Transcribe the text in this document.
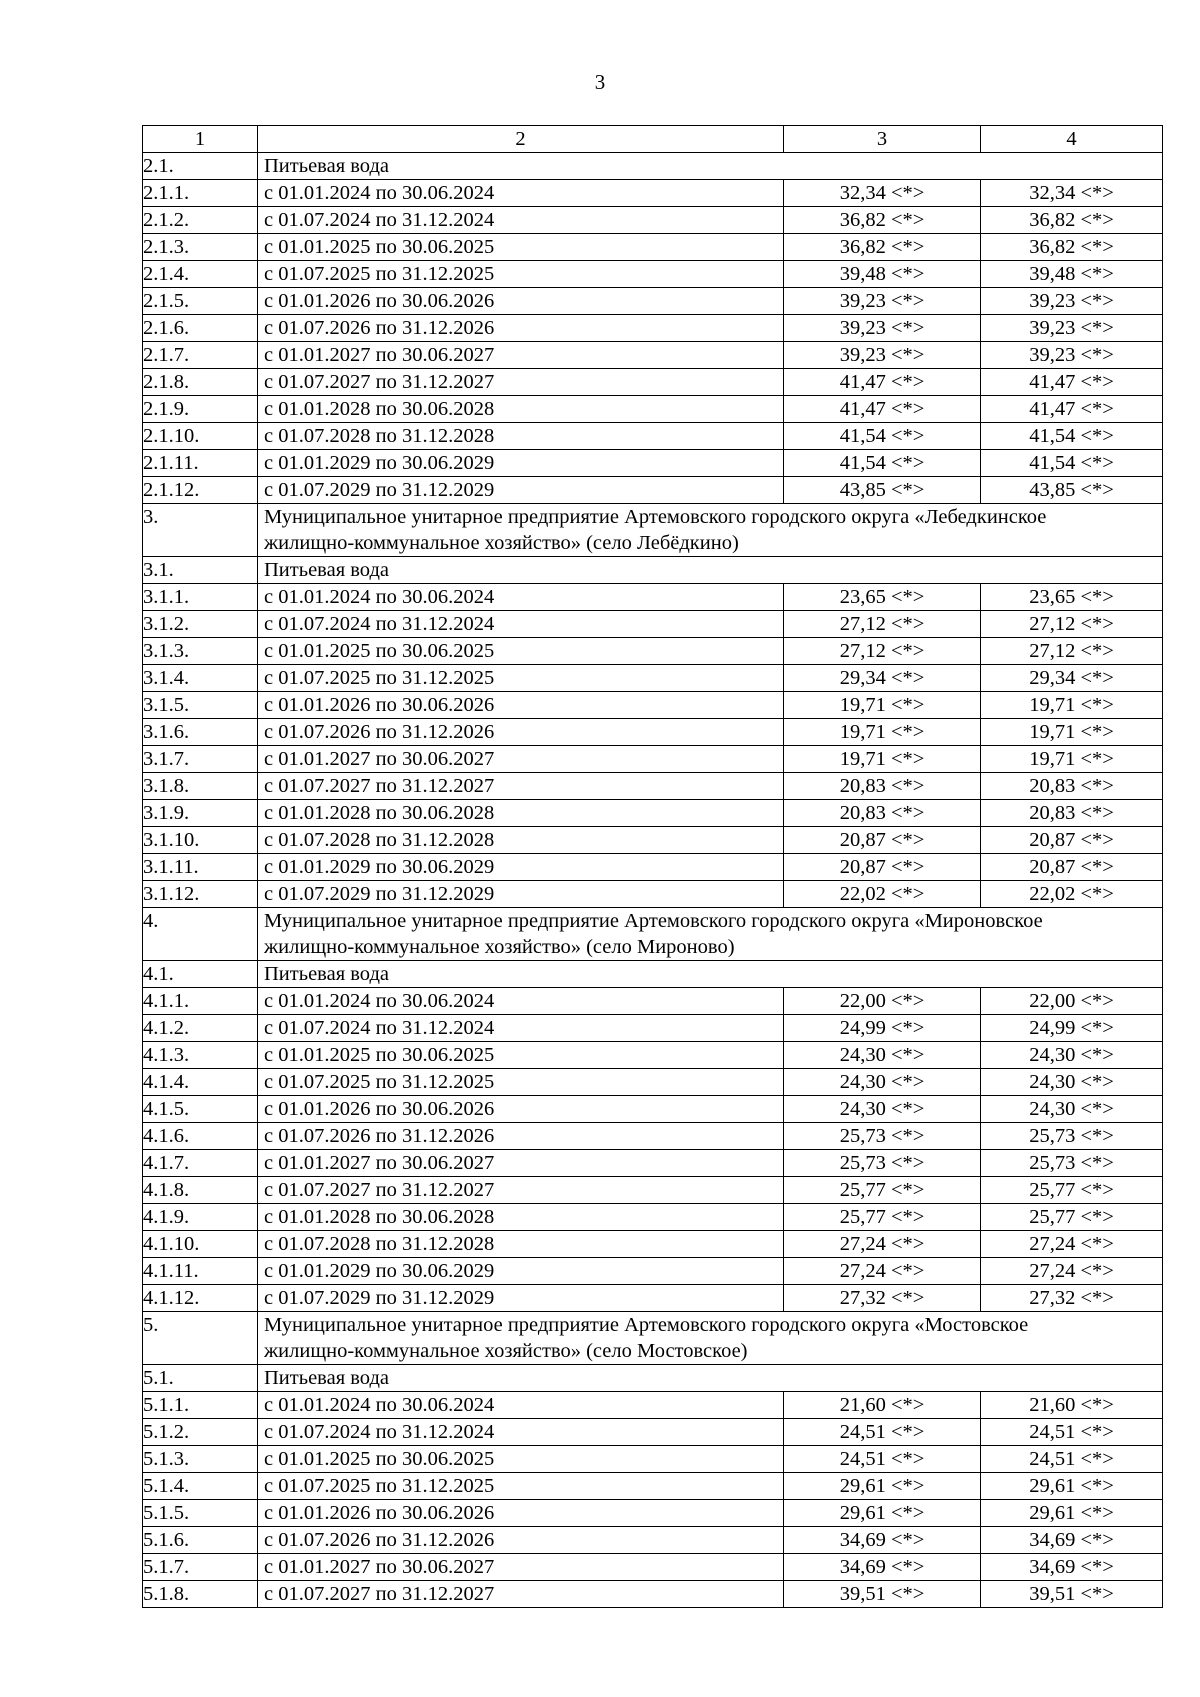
3
1	2	3	4
2.1.	Питьевая вода		
2.1.1.	с 01.01.2024 по 30.06.2024	32,34 <*>	32,34 <*>
2.1.2.	с 01.07.2024 по 31.12.2024	36,82 <*>	36,82 <*>
2.1.3.	с 01.01.2025 по 30.06.2025	36,82 <*>	36,82 <*>
2.1.4.	с 01.07.2025 по 31.12.2025	39,48 <*>	39,48 <*>
2.1.5.	с 01.01.2026 по 30.06.2026	39,23 <*>	39,23 <*>
2.1.6.	с 01.07.2026 по 31.12.2026	39,23 <*>	39,23 <*>
2.1.7.	с 01.01.2027 по 30.06.2027	39,23 <*>	39,23 <*>
2.1.8.	с 01.07.2027 по 31.12.2027	41,47 <*>	41,47 <*>
2.1.9.	с 01.01.2028 по 30.06.2028	41,47 <*>	41,47 <*>
2.1.10.	с 01.07.2028 по 31.12.2028	41,54 <*>	41,54 <*>
2.1.11.	с 01.01.2029 по 30.06.2029	41,54 <*>	41,54 <*>
2.1.12.	с 01.07.2029 по 31.12.2029	43,85 <*>	43,85 <*>
3.	Муниципальное унитарное предприятие Артемовского городского округа «Лебедкинское жилищно-коммунальное хозяйство» (село Лебёдкино)		
3.1.	Питьевая вода		
3.1.1.	с 01.01.2024 по 30.06.2024	23,65 <*>	23,65 <*>
3.1.2.	с 01.07.2024 по 31.12.2024	27,12 <*>	27,12 <*>
3.1.3.	с 01.01.2025 по 30.06.2025	27,12 <*>	27,12 <*>
3.1.4.	с 01.07.2025 по 31.12.2025	29,34 <*>	29,34 <*>
3.1.5.	с 01.01.2026 по 30.06.2026	19,71 <*>	19,71 <*>
3.1.6.	с 01.07.2026 по 31.12.2026	19,71 <*>	19,71 <*>
3.1.7.	с 01.01.2027 по 30.06.2027	19,71 <*>	19,71 <*>
3.1.8.	с 01.07.2027 по 31.12.2027	20,83 <*>	20,83 <*>
3.1.9.	с 01.01.2028 по 30.06.2028	20,83 <*>	20,83 <*>
3.1.10.	с 01.07.2028 по 31.12.2028	20,87 <*>	20,87 <*>
3.1.11.	с 01.01.2029 по 30.06.2029	20,87 <*>	20,87 <*>
3.1.12.	с 01.07.2029 по 31.12.2029	22,02 <*>	22,02 <*>
4.	Муниципальное унитарное предприятие Артемовского городского округа «Мироновское жилищно-коммунальное хозяйство» (село Мироново)		
4.1.	Питьевая вода		
4.1.1.	с 01.01.2024 по 30.06.2024	22,00 <*>	22,00 <*>
4.1.2.	с 01.07.2024 по 31.12.2024	24,99 <*>	24,99 <*>
4.1.3.	с 01.01.2025 по 30.06.2025	24,30 <*>	24,30 <*>
4.1.4.	с 01.07.2025 по 31.12.2025	24,30 <*>	24,30 <*>
4.1.5.	с 01.01.2026 по 30.06.2026	24,30 <*>	24,30 <*>
4.1.6.	с 01.07.2026 по 31.12.2026	25,73 <*>	25,73 <*>
4.1.7.	с 01.01.2027 по 30.06.2027	25,73 <*>	25,73 <*>
4.1.8.	с 01.07.2027 по 31.12.2027	25,77 <*>	25,77 <*>
4.1.9.	с 01.01.2028 по 30.06.2028	25,77 <*>	25,77 <*>
4.1.10.	с 01.07.2028 по 31.12.2028	27,24 <*>	27,24 <*>
4.1.11.	с 01.01.2029 по 30.06.2029	27,24 <*>	27,24 <*>
4.1.12.	с 01.07.2029 по 31.12.2029	27,32 <*>	27,32 <*>
5.	Муниципальное унитарное предприятие Артемовского городского округа «Мостовское жилищно-коммунальное хозяйство» (село Мостовское)		
5.1.	Питьевая вода		
5.1.1.	с 01.01.2024 по 30.06.2024	21,60 <*>	21,60 <*>
5.1.2.	с 01.07.2024 по 31.12.2024	24,51 <*>	24,51 <*>
5.1.3.	с 01.01.2025 по 30.06.2025	24,51 <*>	24,51 <*>
5.1.4.	с 01.07.2025 по 31.12.2025	29,61 <*>	29,61 <*>
5.1.5.	с 01.01.2026 по 30.06.2026	29,61 <*>	29,61 <*>
5.1.6.	с 01.07.2026 по 31.12.2026	34,69 <*>	34,69 <*>
5.1.7.	с 01.01.2027 по 30.06.2027	34,69 <*>	34,69 <*>
5.1.8.	с 01.07.2027 по 31.12.2027	39,51 <*>	39,51 <*>
